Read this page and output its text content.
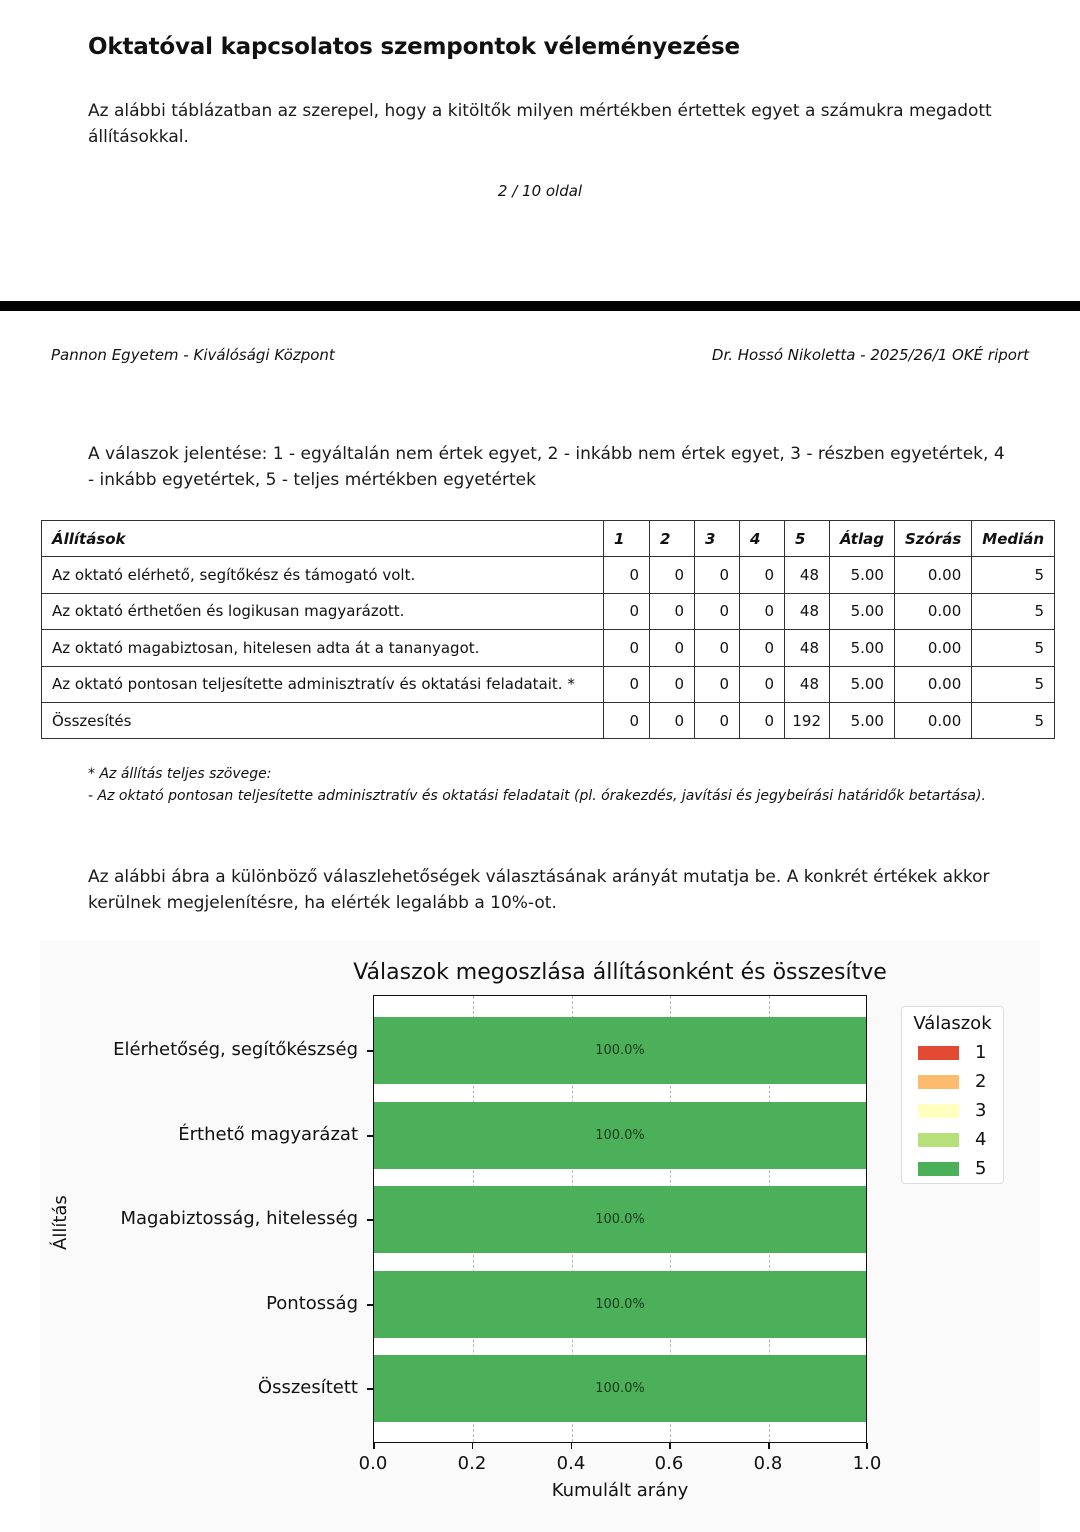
Oktatóval kapcsolatos szempontok véleményezése
Az alábbi táblázatban az szerepel, hogy a kitöltők milyen mértékben értettek egyet a számukra megadott állításokkal.
2 / 10 oldal
Pannon Egyetem - Kiválósági Központ	Dr. Hossó Nikoletta - 2025/26/1 OKÉ riport
A válaszok jelentése: 1 - egyáltalán nem értek egyet, 2 - inkább nem értek egyet, 3 - részben egyetértek, 4 - inkább egyetértek, 5 - teljes mértékben egyetértek
Állítások	1	2	3	4	5	Átlag	Szórás	Medián
Az oktató elérhető, segítőkész és támogató volt.	0	0	0	0	48	5.00	0.00	5
Az oktató érthetően és logikusan magyarázott.	0	0	0	0	48	5.00	0.00	5
Az oktató magabiztosan, hitelesen adta át a tananyagot.	0	0	0	0	48	5.00	0.00	5
Az oktató pontosan teljesítette adminisztratív és oktatási feladatait. *	0	0	0	0	48	5.00	0.00	5
Összesítés	0	0	0	0	192	5.00	0.00	5
* Az állítás teljes szövege:
- Az oktató pontosan teljesítette adminisztratív és oktatási feladatait (pl. órakezdés, javítási és jegybeírási határidők betartása).
Az alábbi ábra a különböző válaszlehetőségek választásának arányát mutatja be. A konkrét értékek akkor kerülnek megjelenítésre, ha elérték legalább a 10%-ot.
Válaszok megoszlása állításonként és összesítve
100.0%
100.0%
100.0%
100.0%
100.0%
Elérhetőség, segítőkészség
Érthető magyarázat
Magabiztosság, hitelesség
Pontosság
Összesített
0.0	0.2	0.4	0.6	0.8	1.0
Kumulált arány
Állítás
Válaszok
1
2
3
4
5
